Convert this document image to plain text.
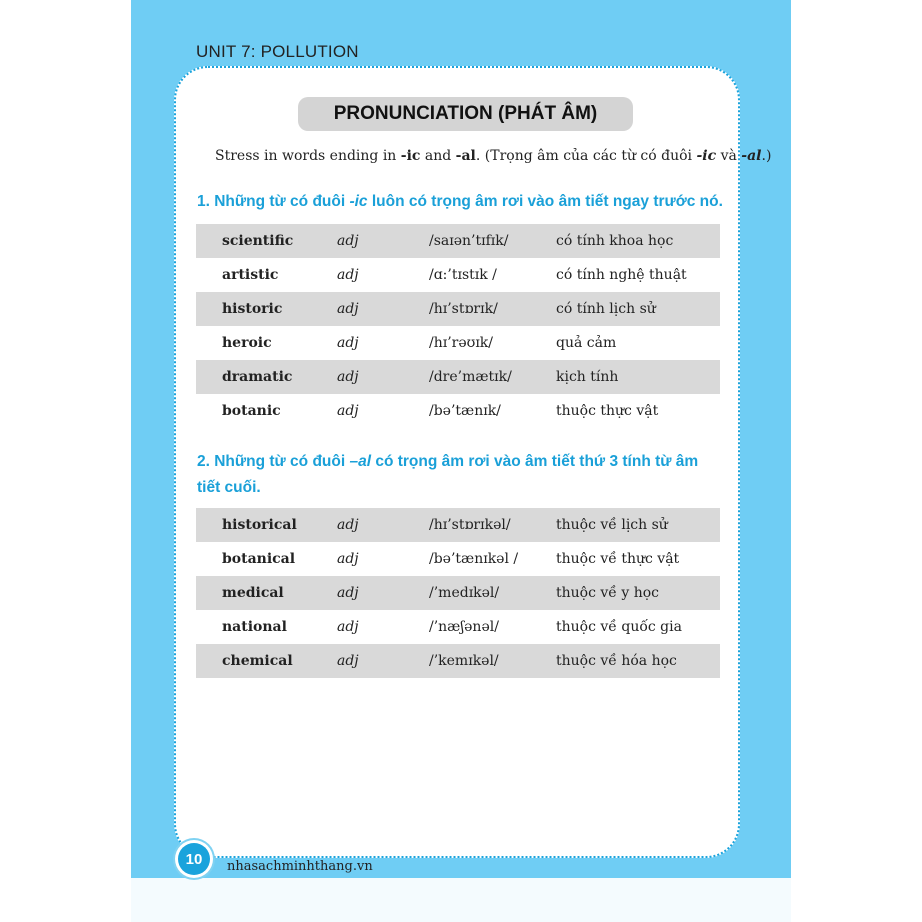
UNIT 7: POLLUTION
PRONUNCIATION (PHÁT ÂM)
Stress in words ending in -ic and -al. (Trọng âm của các từ có đuôi -ic và -al.)
1. Những từ có đuôi -ic luôn có trọng âm rơi vào âm tiết ngay trước nó.
scientific	adj	/saɪən’tɪfɪk/	có tính khoa học
artistic	adj	/ɑ:’tɪstɪk /	có tính nghệ thuật
historic	adj	/hɪ’stɒrɪk/	có tính lịch sử
heroic	adj	/hɪ’rəʊɪk/	quả cảm
dramatic	adj	/dre’mætɪk/	kịch tính
botanic	adj	/bə’tænɪk/	thuộc thực vật
2. Những từ có đuôi –al có trọng âm rơi vào âm tiết thứ 3 tính từ âm tiết cuối.
historical	adj	/hɪ’stɒrɪkəl/	thuộc về lịch sử
botanical	adj	/bə’tænɪkəl /	thuộc về thực vật
medical	adj	/’medɪkəl/	thuộc về y học
national	adj	/’næʃənəl/	thuộc về quốc gia
chemical	adj	/’kemɪkəl/	thuộc về hóa học
10	nhasachminhthang.vn
